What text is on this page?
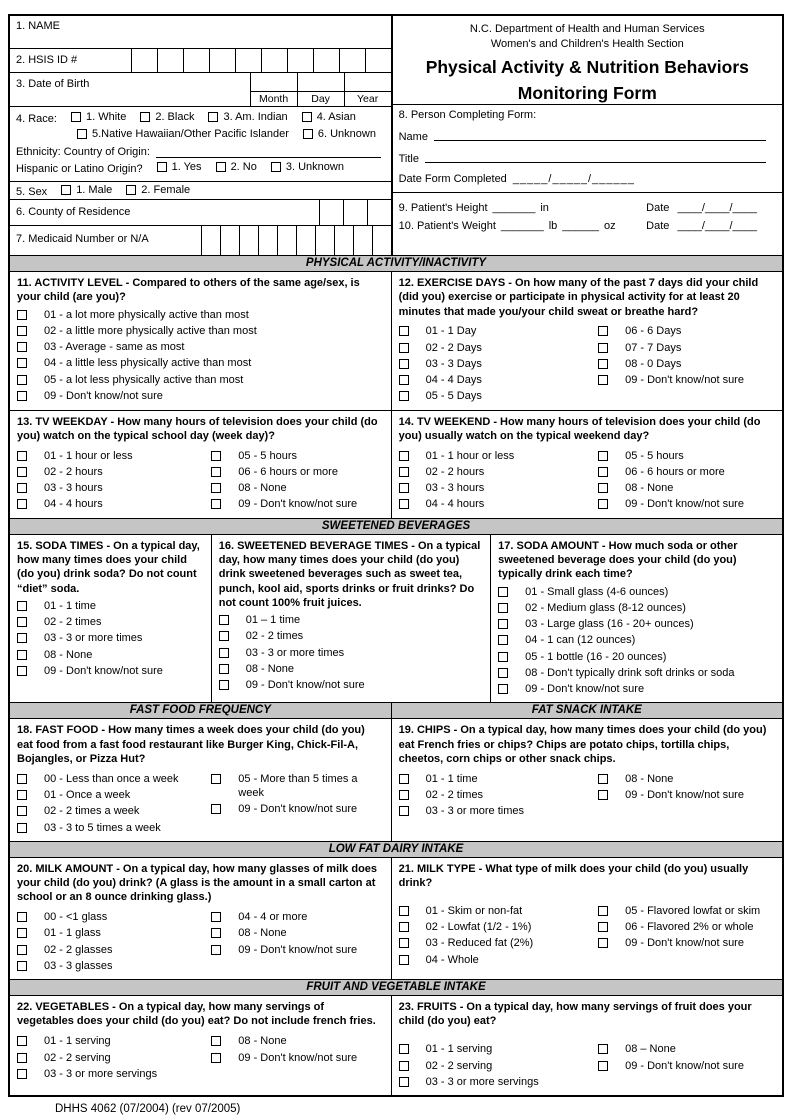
1. NAME
2. HSIS ID #
3. Date of Birth
Month	Day	Year
4. Race:	1. White	2. Black	3. Am. Indian	4. Asian
5.Native Hawaiian/Other Pacific Islander	6. Unknown
Ethnicity: Country of Origin:
Hispanic or Latino Origin?	1. Yes	2. No	3. Unknown
5. Sex	1. Male	2. Female
6. County of Residence
7. Medicaid Number or N/A
N.C. Department of Health and Human Services
Women's and Children's Health Section
Physical Activity & Nutrition Behaviors
Monitoring Form
8. Person Completing Form:
Name
Title
Date Form Completed _____/_____/______
9. Patient's Height _______ in	Date ____/____/____
10. Patient's Weight _______ lb ______ oz	Date ____/____/____
PHYSICAL ACTIVITY/INACTIVITY
11. ACTIVITY LEVEL - Compared to others of the same age/sex, is your child (are you)?
01 - a lot more physically active than most
02 - a little more physically active than most
03 - Average - same as most
04 - a little less physically active than most
05 - a lot less physically active than most
09 - Don't know/not sure
12. EXERCISE DAYS - On how many of the past 7 days did your child (did you) exercise or participate in physical activity for at least 20 minutes that made you/your child sweat or breathe hard?
01 - 1 Day
02 - 2 Days
03 - 3 Days
04 - 4 Days
05 - 5 Days
06 - 6 Days
07 - 7 Days
08 - 0 Days
09 - Don't know/not sure
13. TV WEEKDAY - How many hours of television does your child (do you) watch on the typical school day (week day)?
01 - 1 hour or less
02 - 2 hours
03 - 3 hours
04 - 4 hours
05 - 5 hours
06 - 6 hours or more
08 - None
09 - Don't know/not sure
14. TV WEEKEND - How many hours of television does your child (do you) usually watch on the typical weekend day?
01 - 1 hour or less
02 - 2 hours
03 - 3 hours
04 - 4 hours
05 - 5 hours
06 - 6 hours or more
08 - None
09 - Don't know/not sure
SWEETENED BEVERAGES
15. SODA TIMES - On a typical day, how many times does your child (do you) drink soda? Do not count “diet” soda.
01 - 1 time
02 - 2 times
03 - 3 or more times
08 - None
09 - Don't know/not sure
16. SWEETENED BEVERAGE TIMES - On a typical day, how many times does your child (do you) drink sweetened beverages such as sweet tea, punch, kool aid, sports drinks or fruit drinks? Do not count 100% fruit juices.
01 – 1 time
02 - 2 times
03 - 3 or more times
08 - None
09 - Don't know/not sure
17. SODA AMOUNT - How much soda or other sweetened beverage does your child (do you) typically drink each time?
01 - Small glass (4-6 ounces)
02 - Medium glass (8-12 ounces)
03 - Large glass (16 - 20+ ounces)
04 - 1 can (12 ounces)
05 - 1 bottle (16 - 20 ounces)
08 - Don't typically drink soft drinks or soda
09 - Don't know/not sure
FAST FOOD FREQUENCY	FAT SNACK INTAKE
18. FAST FOOD - How many times a week does your child (do you) eat food from a fast food restaurant like Burger King, Chick-Fil-A, Bojangles, or Pizza Hut?
00 - Less than once a week
01 - Once a week
02 - 2 times a week
03 - 3 to 5 times a week
05 - More than 5 times a week
09 - Don't know/not sure
19. CHIPS - On a typical day, how many times does your child (do you) eat French fries or chips? Chips are potato chips, tortilla chips, cheetos, corn chips or other snack chips.
01 - 1 time
02 - 2 times
03 - 3 or more times
08 - None
09 - Don't know/not sure
LOW FAT DAIRY INTAKE
20. MILK AMOUNT - On a typical day, how many glasses of milk does your child (do you) drink? (A glass is the amount in a small carton at school or an 8 ounce drinking glass.)
00 - <1 glass
01 - 1 glass
02 - 2 glasses
03 - 3 glasses
04 - 4 or more
08 - None
09 - Don't know/not sure
21. MILK TYPE - What type of milk does your child (do you) usually drink?
01 - Skim or non-fat
02 - Lowfat (1/2 - 1%)
03 - Reduced fat (2%)
04 - Whole
05 - Flavored lowfat or skim
06 - Flavored 2% or whole
09 - Don't know/not sure
FRUIT AND VEGETABLE INTAKE
22. VEGETABLES - On a typical day, how many servings of vegetables does your child (do you) eat? Do not include french fries.
01 - 1 serving
02 - 2 serving
03 - 3 or more servings
08 - None
09 - Don't know/not sure
23. FRUITS - On a typical day, how many servings of fruit does your child (do you) eat?
01 - 1 serving
02 - 2 serving
03 - 3 or more servings
08 – None
09 - Don't know/not sure
DHHS 4062 (07/2004) (rev 07/2005)
